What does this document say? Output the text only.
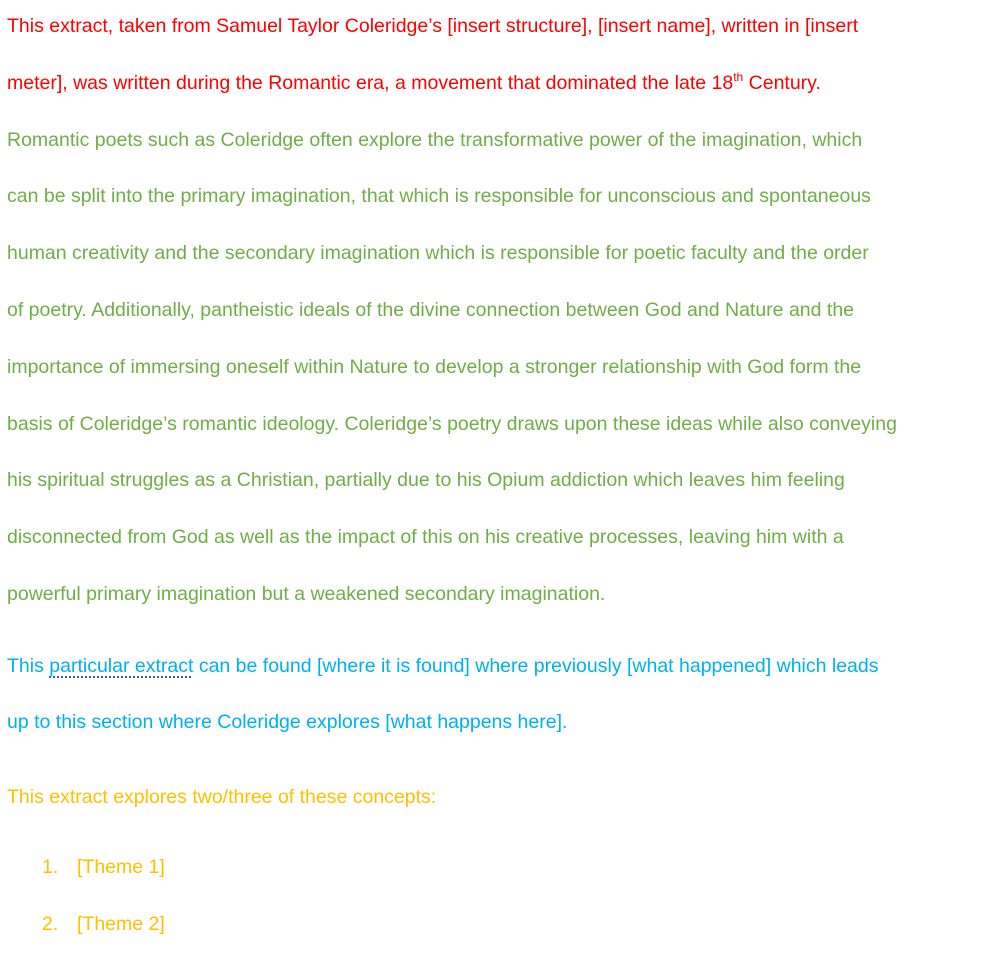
This extract, taken from Samuel Taylor Coleridge’s [insert structure], [insert name], written in [insert
meter], was written during the Romantic era, a movement that dominated the late 18th Century.
Romantic poets such as Coleridge often explore the transformative power of the imagination, which
can be split into the primary imagination, that which is responsible for unconscious and spontaneous
human creativity and the secondary imagination which is responsible for poetic faculty and the order
of poetry. Additionally, pantheistic ideals of the divine connection between God and Nature and the
importance of immersing oneself within Nature to develop a stronger relationship with God form the
basis of Coleridge’s romantic ideology. Coleridge’s poetry draws upon these ideas while also conveying
his spiritual struggles as a Christian, partially due to his Opium addiction which leaves him feeling
disconnected from God as well as the impact of this on his creative processes, leaving him with a
powerful primary imagination but a weakened secondary imagination.
This particular extract can be found [where it is found] where previously [what happened] which leads
up to this section where Coleridge explores [what happens here].
This extract explores two/three of these concepts:
1. [Theme 1]
2. [Theme 2]
